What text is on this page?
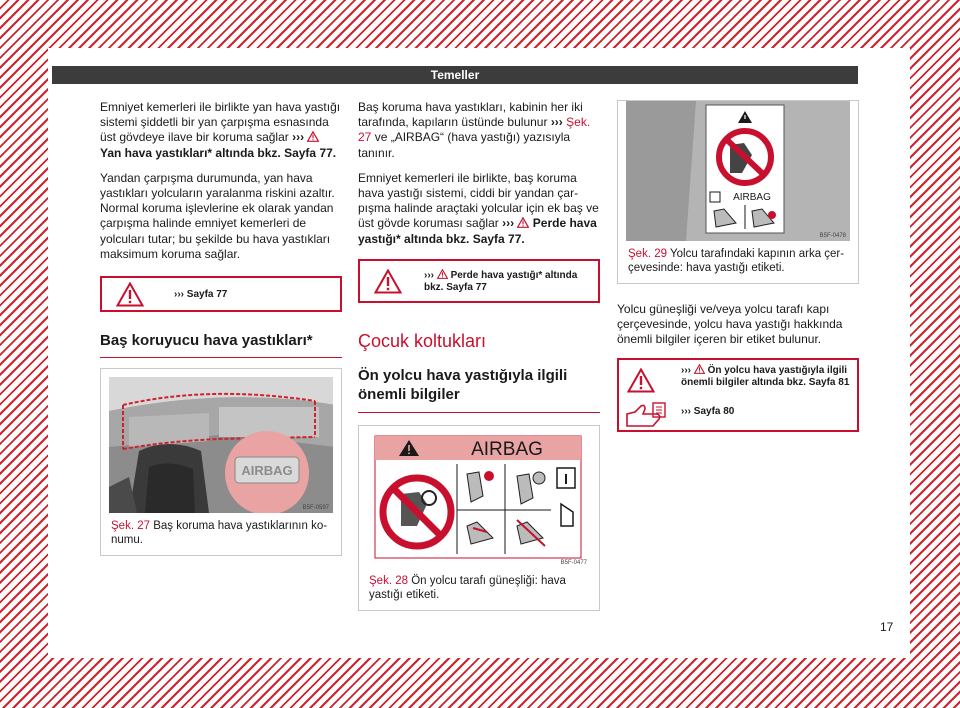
Temeller

Emniyet kemerleri ile birlikte yan hava yastığı sistemi şiddetli bir yan çarpışma esnasında üst gövdeye ilave bir koruma sağlar ›››  Yan hava yastıkları* altında bkz. Sayfa 77.

Yandan çarpışma durumunda, yan hava yastıkları yolcuların yaralanma riskini azaltır. Normal koruma işlevlerine ek olarak yandan çarpışma halinde emniyet kemerleri de yolcuları tutar; bu şekilde bu hava yastıkları maksimum koruma sağlar.

››› Sayfa 77
Baş koruyucu hava yastıkları*
AIRBAG
B5F-0597
Şek. 27 Baş koruma hava yastıklarının konumu.

Baş koruma hava yastıkları, kabinin her iki tarafında, kapıların üstünde bulunur ››› Şek. 27 ve „AIRBAG“ (hava yastığı) yazısıyla tanınır.

Emniyet kemerleri ile birlikte, baş koruma hava yastığı sistemi, ciddi bir yandan çarpışma halinde araçtaki yolcular için ek baş ve üst gövde koruması sağlar ››› Perde hava yastığı* altında bkz. Sayfa 77.

››› Perde hava yastığı* altında bkz. Sayfa 77
Çocuk koltukları
Ön yolcu hava yastığıyla ilgili önemli bilgiler
AIRBAG
B5F-0477
Şek. 28 Ön yolcu tarafı güneşliği: hava yastığı etiketi.
AIRBAG
B5F-0478
Şek. 29 Yolcu tarafındaki kapının arka çerçevesinde: hava yastığı etiketi.

Yolcu güneşliği ve/veya yolcu tarafı kapı çerçevesinde, yolcu hava yastığı hakkında önemli bilgiler içeren bir etiket bulunur.

››› Ön yolcu hava yastığıyla ilgili önemli bilgiler altında bkz. Sayfa 81
››› Sayfa 80
17
